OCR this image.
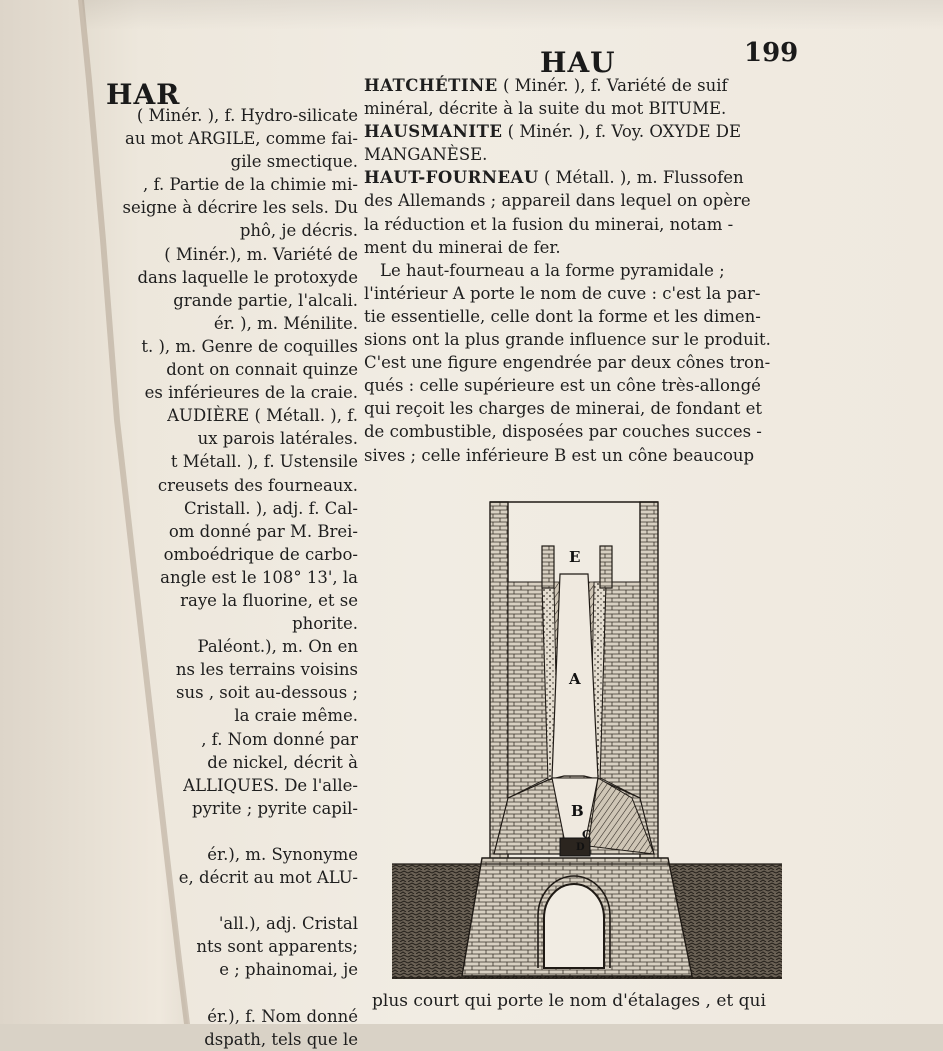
HAR
HAU	199
( Minér. ), f. Hydro-silicate
au mot ARGILE, comme fai-
gile smectique.
, f. Partie de la chimie mi-
seigne à décrire les sels. Du
phô, je décris.
( Minér.), m. Variété de
dans laquelle le protoxyde
grande partie, l'alcali.
ér. ), m. Ménilite.
t. ), m. Genre de coquilles
dont on connait quinze
es inférieures de la craie.
AUDIÈRE ( Métall. ), f.
ux parois latérales.
t Métall. ), f. Ustensile
creusets des fourneaux.
Cristall. ), adj. f. Cal-
om donné par M. Brei-
omboédrique de carbo-
angle est le 108° 13', la
raye la fluorine, et se
phorite.
Paléont.), m. On en
ns les terrains voisins
sus , soit au-dessous ;
la craie même.
, f. Nom donné par
de nickel, décrit à
ALLIQUES. De l'alle-
pyrite ; pyrite capil-
ér.), m. Synonyme
e, décrit au mot ALU-
'all.), adj. Cristal
nts sont apparents;
e ; phainomai, je
ér.), f. Nom donné
dspath, tels que le
HATCHÉTINE ( Minér. ), f. Variété de suif
minéral, décrite à la suite du mot BITUME.
HAUSMANITE ( Minér. ), f. Voy. OXYDE DE
MANGANÈSE.
HAUT-FOURNEAU ( Métall. ), m. Flussofen
des Allemands ; appareil dans lequel on opère
la réduction et la fusion du minerai, notam -
ment du minerai de fer.
Le haut-fourneau a la forme pyramidale ;
l'intérieur A porte le nom de cuve : c'est la par-
tie essentielle, celle dont la forme et les dimen-
sions ont la plus grande influence sur le produit.
C'est une figure engendrée par deux cônes tron-
qués : celle supérieure est un cône très-allongé
qui reçoit les charges de minerai, de fondant et
de combustible, disposées par couches succes -
sives ; celle inférieure B est un cône beaucoup
E
A
B
C
D
plus court qui porte le nom d'étalages , et qui
